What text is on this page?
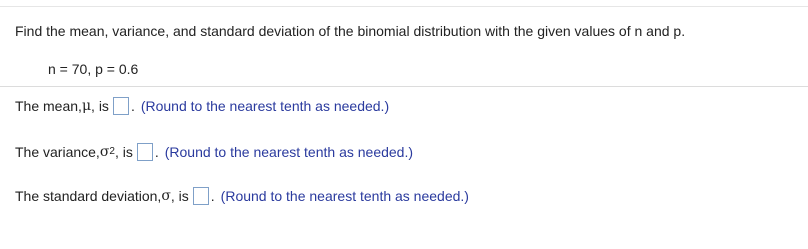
Find the mean, variance, and standard deviation of the binomial distribution with the given values of n and p.
n = 70, p = 0.6
The mean, μ , is . (Round to the nearest tenth as needed.)
The variance, σ 2 , is . (Round to the nearest tenth as needed.)
The standard deviation, σ , is . (Round to the nearest tenth as needed.)
